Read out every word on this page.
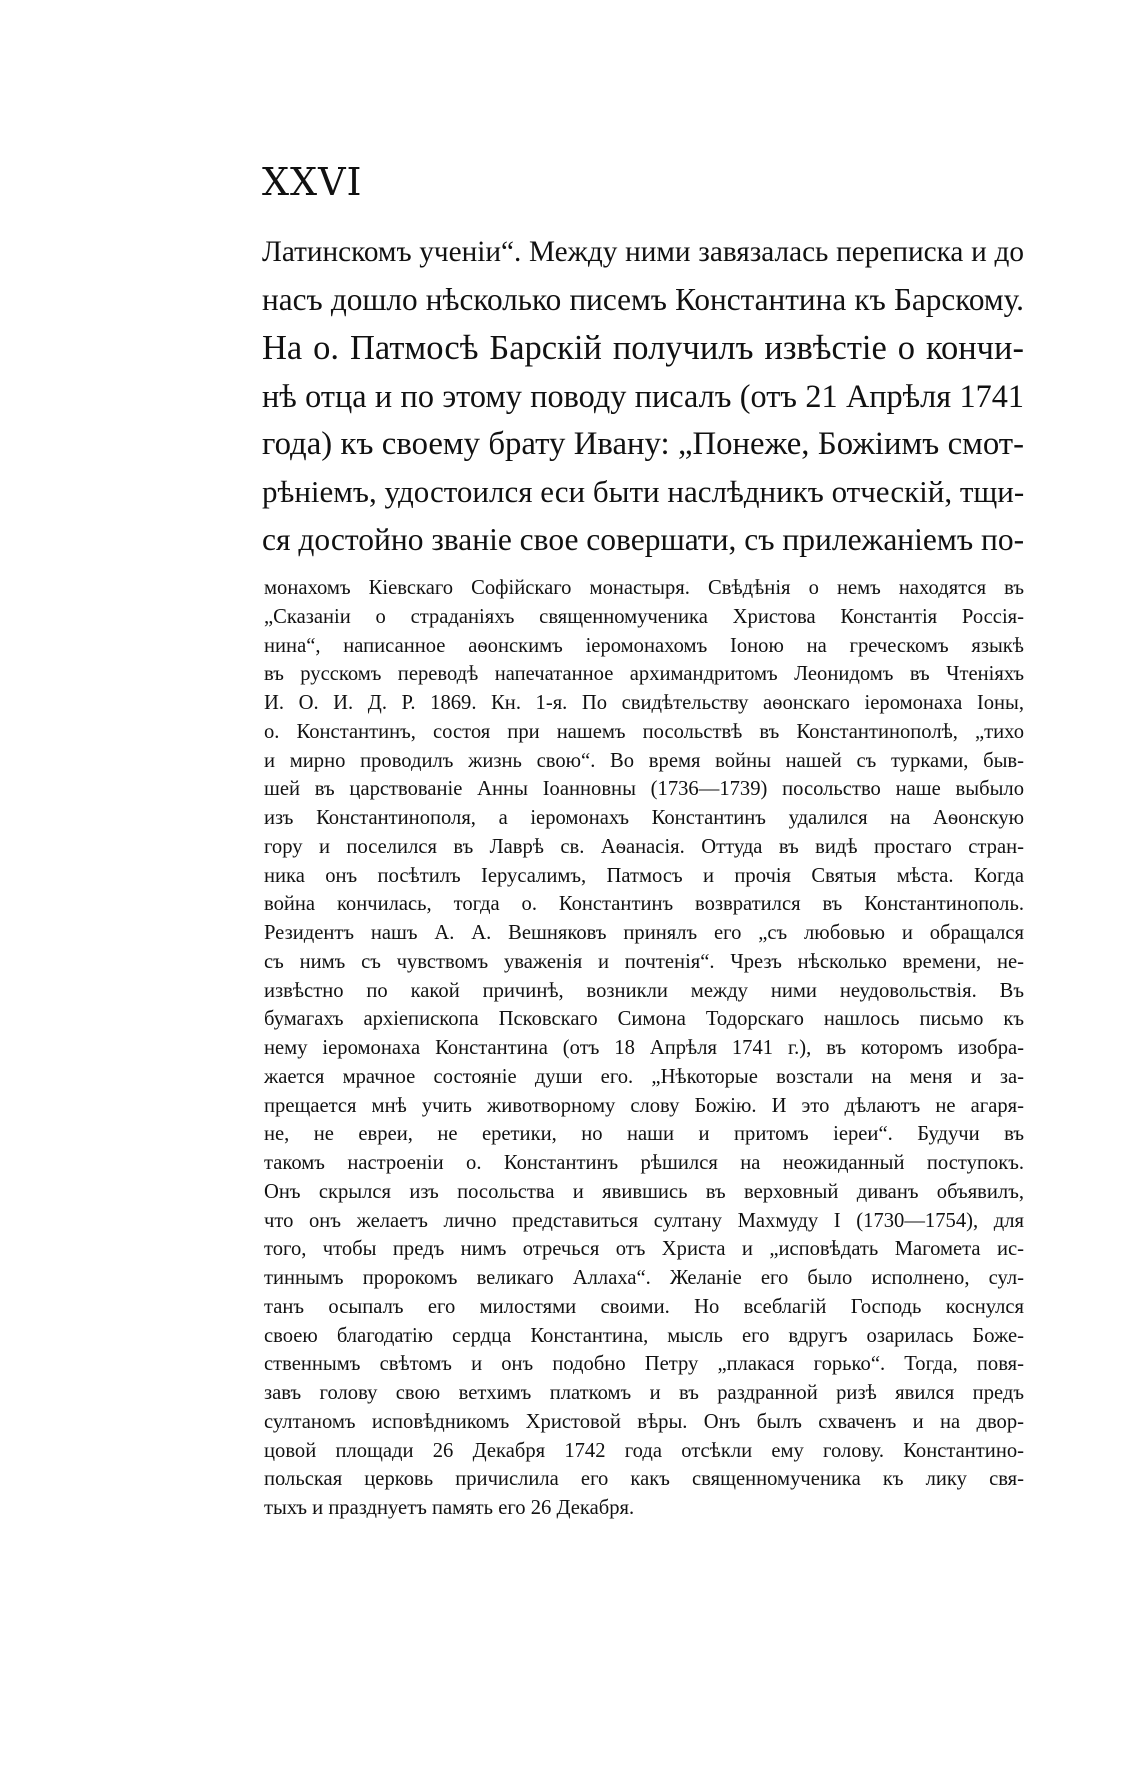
XXVI
Латинскомъ ученіи“. Между ними завязалась переписка и до
насъ дошло нѣсколько писемъ Константина къ Барскому.
На о. Патмосѣ Барскій получилъ извѣстіе о кончи-
нѣ отца и по этому поводу писалъ (отъ 21 Апрѣля 1741
года) къ своему брату Ивану: „Понеже, Божіимъ смот-
рѣніемъ, удостоился еси быти наслѣдникъ отческій, тщи-
ся достойно званіе свое совершати, съ прилежаніемъ по-
монахомъ Кіевскаго Софійскаго монастыря. Свѣдѣнія о немъ находятся въ
„Сказаніи о страданіяхъ священномученика Христова Константія Россія-
нина“, написанное аѳонскимъ іеромонахомъ Іоною на греческомъ языкѣ
въ русскомъ переводѣ напечатанное архимандритомъ Леонидомъ въ Чтеніяхъ
И. О. И. Д. Р. 1869. Кн. 1-я. По свидѣтельству аѳонскаго іеромонаха Іоны,
о. Константинъ, состоя при нашемъ посольствѣ въ Константинополѣ, „тихо
и мирно проводилъ жизнь свою“. Во время войны нашей съ турками, быв-
шей въ царствованіе Анны Іоанновны (1736—1739) посольство наше выбыло
изъ Константинополя, а іеромонахъ Константинъ удалился на Аѳонскую
гору и поселился въ Лаврѣ св. Аѳанасія. Оттуда въ видѣ простаго стран-
ника онъ посѣтилъ Іерусалимъ, Патмосъ и прочія Святыя мѣста. Когда
война кончилась, тогда о. Константинъ возвратился въ Константинополь.
Резидентъ нашъ А. А. Вешняковъ принялъ его „съ любовью и обращался
съ нимъ съ чувствомъ уваженія и почтенія“. Чрезъ нѣсколько времени, не-
извѣстно по какой причинѣ, возникли между ними неудовольствія. Въ
бумагахъ архіепископа Псковскаго Симона Тодорскаго нашлось письмо къ
нему іеромонаха Константина (отъ 18 Апрѣля 1741 г.), въ которомъ изобра-
жается мрачное состояніе души его. „Нѣкоторые возстали на меня и за-
прещается мнѣ учить животворному слову Божію. И это дѣлаютъ не агаря-
не, не евреи, не еретики, но наши и притомъ іереи“. Будучи въ
такомъ настроеніи о. Константинъ рѣшился на неожиданный поступокъ.
Онъ скрылся изъ посольства и явившись въ верховный диванъ объявилъ,
что онъ желаетъ лично представиться султану Махмуду I (1730—1754), для
того, чтобы предъ нимъ отречься отъ Христа и „исповѣдать Магомета ис-
тиннымъ пророкомъ великаго Аллаха“. Желаніе его было исполнено, сул-
танъ осыпалъ его милостями своими. Но всеблагій Господь коснулся
своею благодатію сердца Константина, мысль его вдругъ озарилась Боже-
ственнымъ свѣтомъ и онъ подобно Петру „плакася горько“. Тогда, повя-
завъ голову свою ветхимъ платкомъ и въ раздранной ризѣ явился предъ
султаномъ исповѣдникомъ Христовой вѣры. Онъ былъ схваченъ и на двор-
цовой площади 26 Декабря 1742 года отсѣкли ему голову. Константино-
польская церковь причислила его какъ священномученика къ лику свя-
тыхъ и празднуетъ память его 26 Декабря.
